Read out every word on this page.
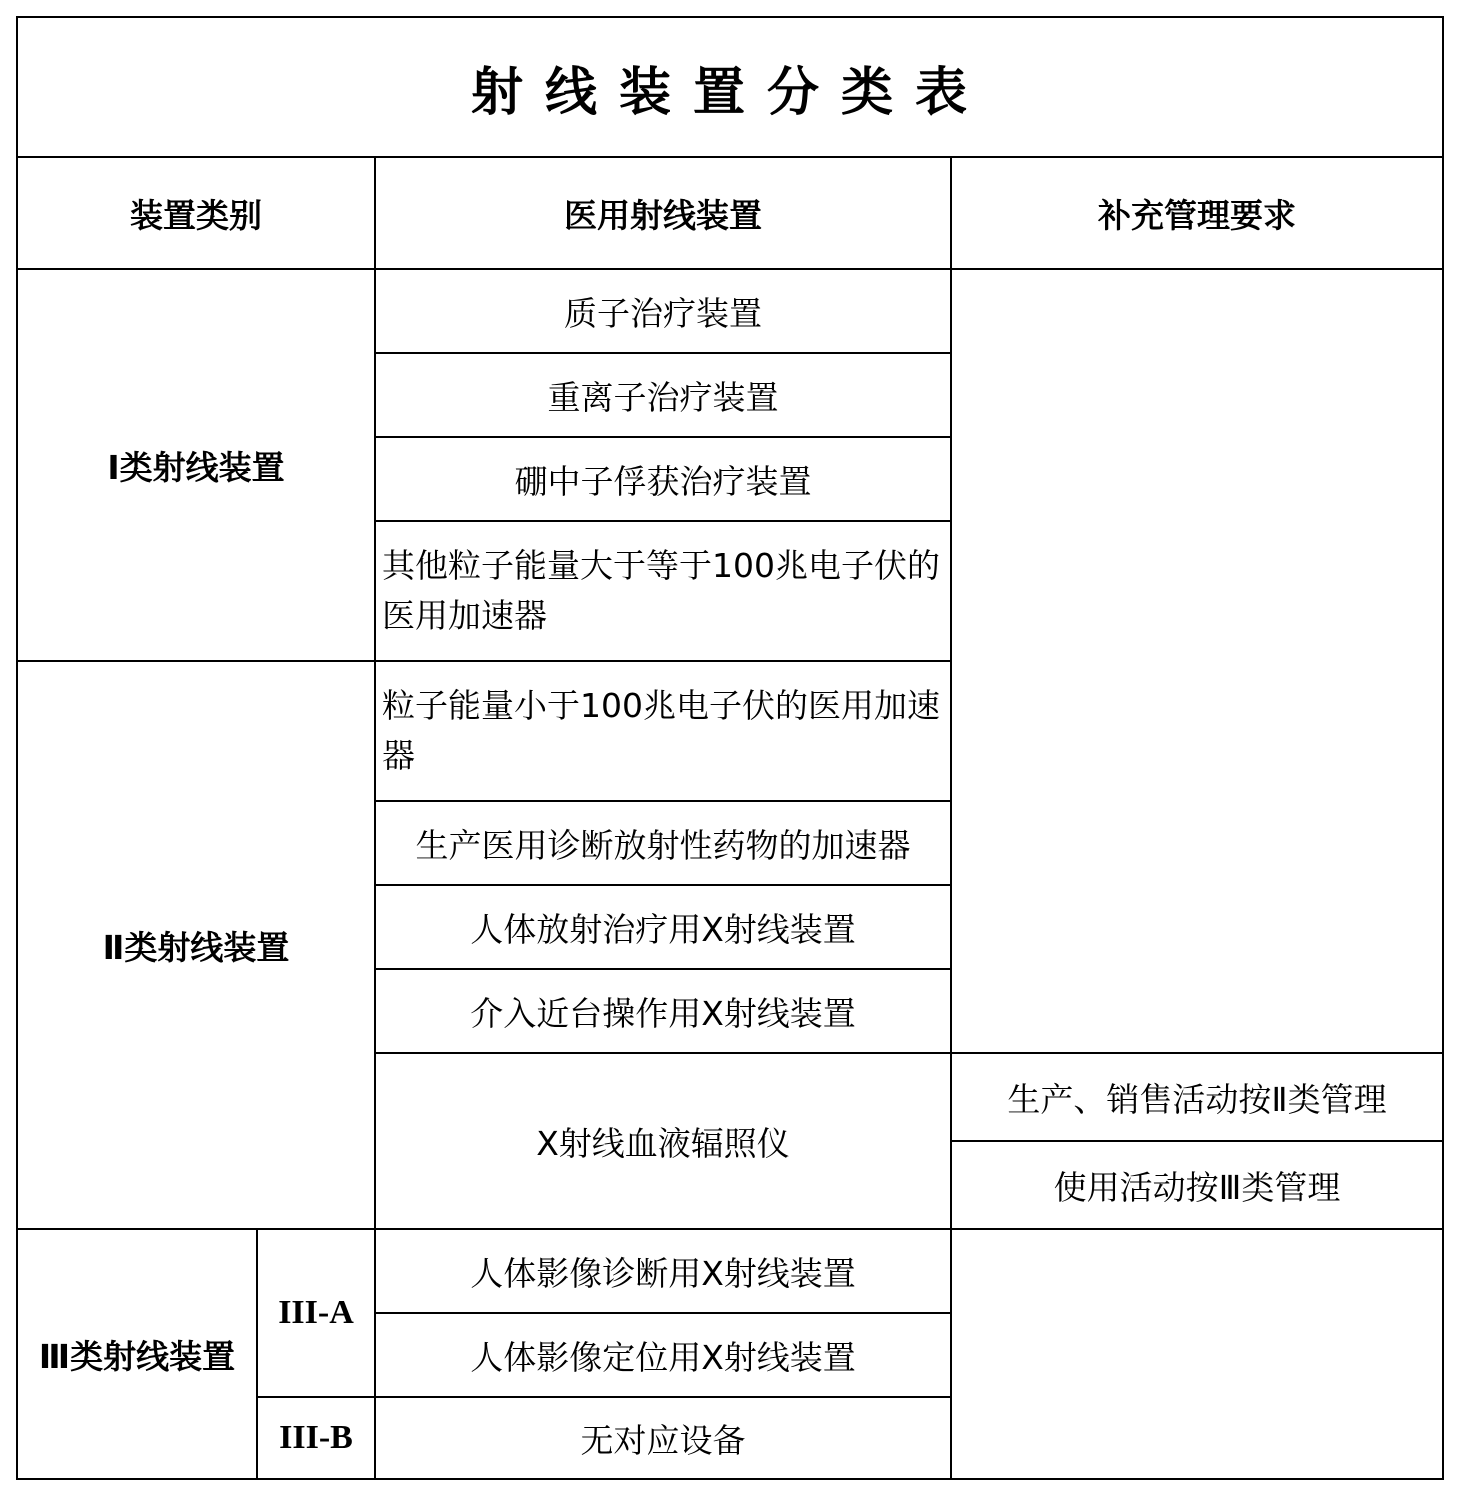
射线装置分类表
装置类别	医用射线装置	补充管理要求
Ⅰ类射线装置
质子治疗装置
重离子治疗装置
硼中子俘获治疗装置
其他粒子能量大于等于100兆电子伏的医用加速器
Ⅱ类射线装置
粒子能量小于100兆电子伏的医用加速器
生产医用诊断放射性药物的加速器
人体放射治疗用X射线装置
介入近台操作用X射线装置
X射线血液辐照仪
生产、销售活动按Ⅱ类管理
使用活动按Ⅲ类管理
Ⅲ类射线装置
III-A
III-B
人体影像诊断用X射线装置
人体影像定位用X射线装置
无对应设备
